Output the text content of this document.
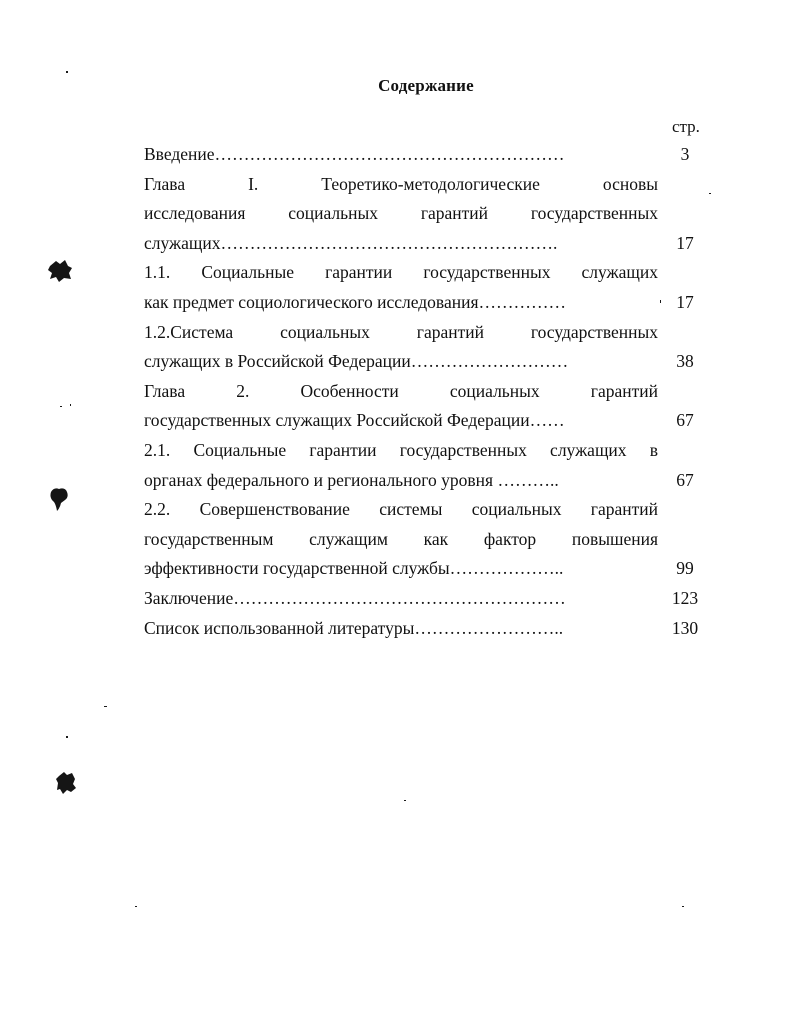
Содержание
стр.
Введение……………………………………………………	3
Глава I. Теоретико-методологические основы
исследования социальных гарантий государственных
служащих………………………………………………….	17
1.1. Социальные гарантии государственных служащих
как предмет социологического исследования……………	17
1.2.Система социальных гарантий государственных
служащих в Российской Федерации………………………	38
Глава 2. Особенности социальных гарантий
государственных служащих Российской Федерации……	67
2.1. Социальные гарантии государственных служащих в
органах федерального и регионального уровня ………..	67
2.2. Совершенствование системы социальных гарантий
государственным служащим как фактор повышения
эффективности государственной службы………………..	99
Заключение…………………………………………………	123
Список использованной литературы……………………..	130
